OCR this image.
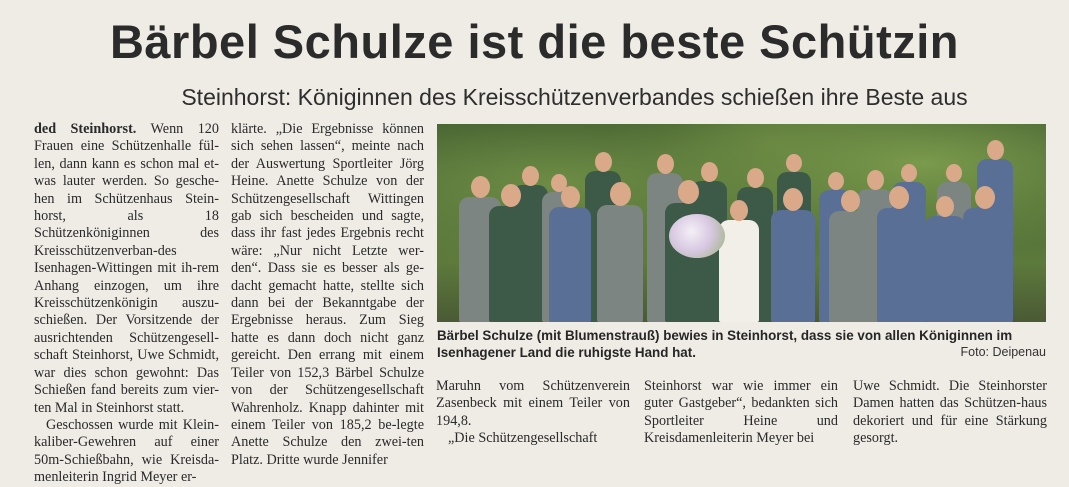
Bärbel Schulze ist die beste Schützin
Steinhorst: Königinnen des Kreisschützenverbandes schießen ihre Beste aus

ded Steinhorst. Wenn 120 Frauen eine Schützenhalle fül-len, dann kann es schon mal et-was lauter werden. So gesche-hen im Schützenhaus Stein-horst, als 18 Schützenköniginnen des Kreisschützenverban-des Isenhagen-Wittingen mit ih-rem Anhang einzogen, um ihre Kreisschützenkönigin auszu-schießen. Der Vorsitzende der ausrichtenden Schützengesell-schaft Steinhorst, Uwe Schmidt, war dies schon gewohnt: Das Schießen fand bereits zum vier-ten Mal in Steinhorst statt.

Geschossen wurde mit Klein-kaliber-Gewehren auf einer 50m-Schießbahn, wie Kreisda-menleiterin Ingrid Meyer er-

klärte. „Die Ergebnisse können sich sehen lassen“, meinte nach der Auswertung Sportleiter Jörg Heine. Anette Schulze von der Schützengesellschaft Wittingen gab sich bescheiden und sagte, dass ihr fast jedes Ergebnis recht wäre: „Nur nicht Letzte wer-den“. Dass sie es besser als ge-dacht gemacht hatte, stellte sich dann bei der Bekanntgabe der Ergebnisse heraus. Zum Sieg hatte es dann doch nicht ganz gereicht. Den errang mit einem Teiler von 152,3 Bärbel Schulze von der Schützengesellschaft Wahrenholz. Knapp dahinter mit einem Teiler von 185,2 be-legte Anette Schulze den zwei-ten Platz. Dritte wurde Jennifer

Bärbel Schulze (mit Blumenstrauß) bewies in Steinhorst, dass sie von allen Königinnen im Isenhagener Land die ruhigste Hand hat.	Foto: Deipenau

Maruhn vom Schützenverein Zasenbeck mit einem Teiler von 194,8.

„Die Schützengesellschaft

Steinhorst war wie immer ein guter Gastgeber“, bedankten sich Sportleiter Heine und Kreisdamenleiterin Meyer bei

Uwe Schmidt. Die Steinhorster Damen hatten das Schützen-haus dekoriert und für eine Stärkung gesorgt.
